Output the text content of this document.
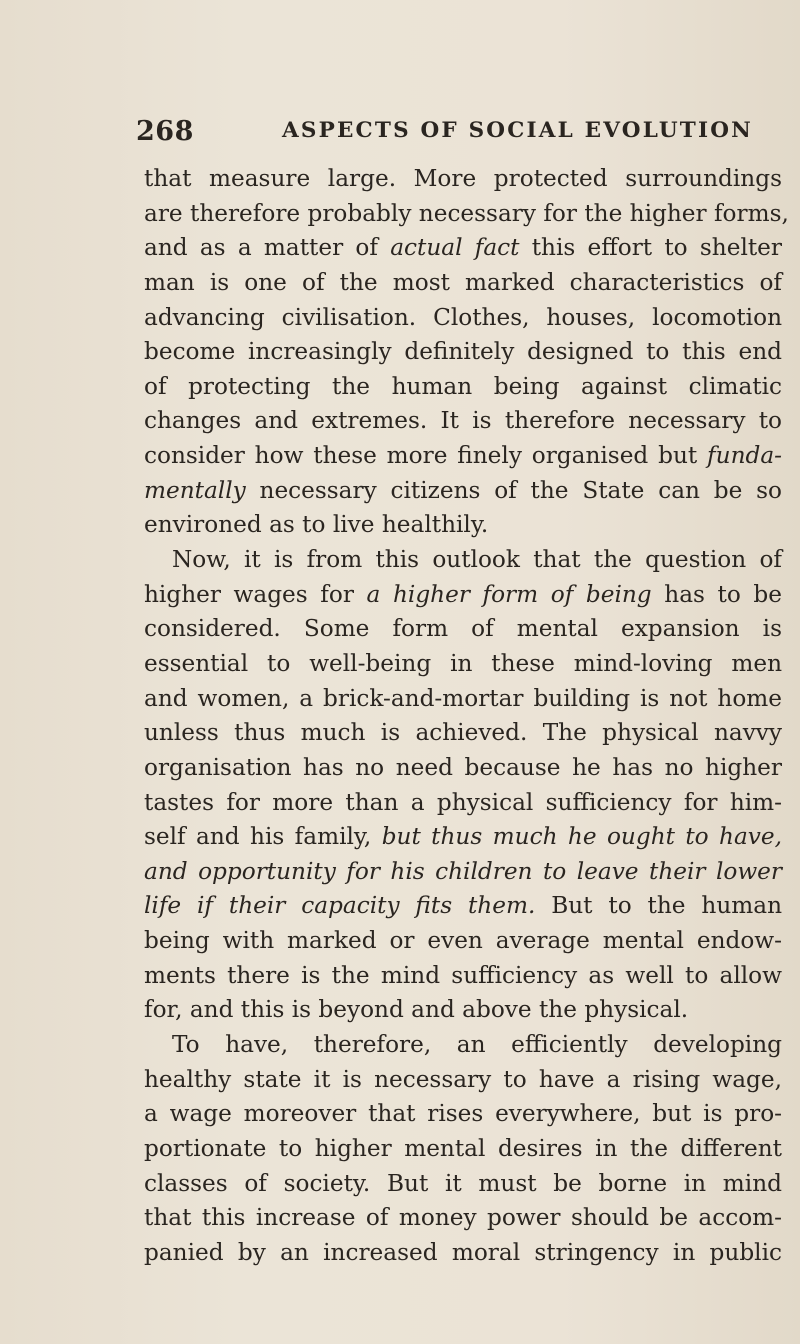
268	ASPECTS OF SOCIAL EVOLUTION
that measure large. More protected surroundings
are therefore probably necessary for the higher forms,
and as a matter of actual fact this effort to shelter
man is one of the most marked characteristics of
advancing civilisation. Clothes, houses, locomotion
become increasingly definitely designed to this end
of protecting the human being against climatic
changes and extremes. It is therefore necessary to
consider how these more finely organised but funda-
mentally necessary citizens of the State can be so
environed as to live healthily.
Now, it is from this outlook that the question of
higher wages for a higher form of being has to be
considered. Some form of mental expansion is
essential to well-being in these mind-loving men
and women, a brick-and-mortar building is not home
unless thus much is achieved. The physical navvy
organisation has no need because he has no higher
tastes for more than a physical sufficiency for him-
self and his family, but thus much he ought to have,
and opportunity for his children to leave their lower
life if their capacity fits them. But to the human
being with marked or even average mental endow-
ments there is the mind sufficiency as well to allow
for, and this is beyond and above the physical.
To have, therefore, an efficiently developing
healthy state it is necessary to have a rising wage,
a wage moreover that rises everywhere, but is pro-
portionate to higher mental desires in the different
classes of society. But it must be borne in mind
that this increase of money power should be accom-
panied by an increased moral stringency in public
